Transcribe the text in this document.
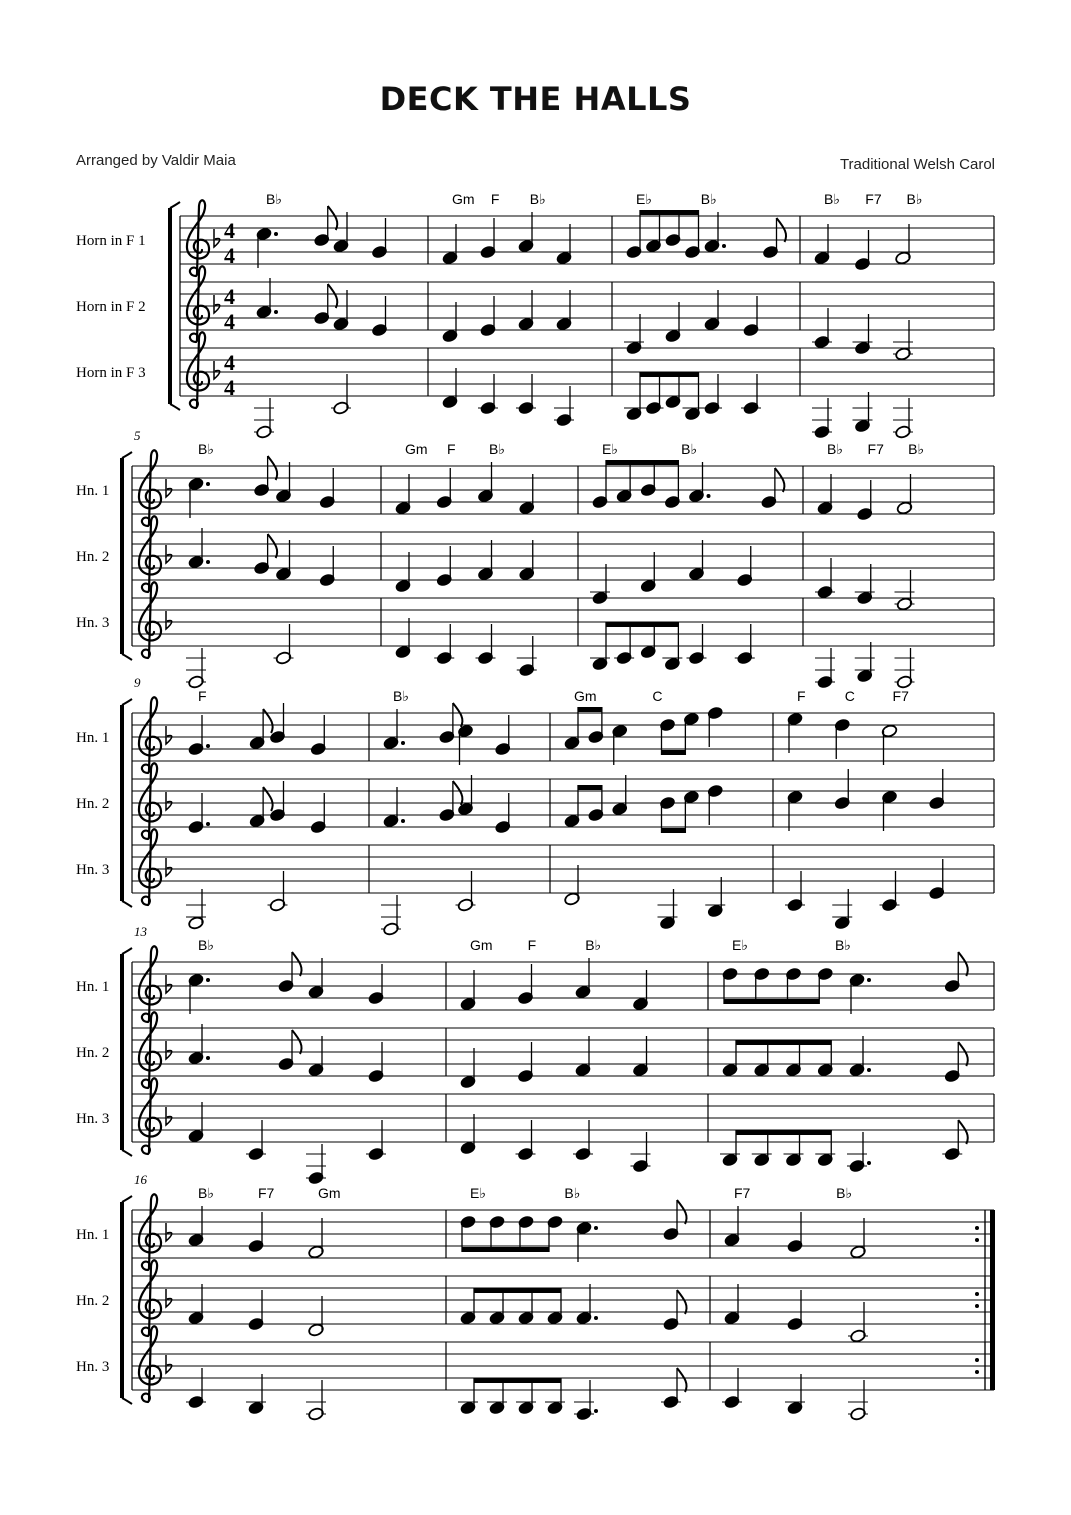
DECK THE HALLS
Arranged by Valdir Maia	Traditional Welsh Carol
Horn in F 1	4
4
Horn in F 2	4
4
Horn in F 3	4
4
B♭	Gm F B♭	E♭	B♭	B♭ F7 B♭
Hn. 1
Hn. 2
Hn. 3
5
B♭	Gm F B♭	E♭	B♭	B♭ F7 B♭
Hn. 1
Hn. 2
Hn. 3
9
F	B♭	Gm	C	F	C	F7
Hn. 1
Hn. 2
Hn. 3
13
B♭	Gm	F	B♭	E♭	B♭
Hn. 1
Hn. 2
Hn. 3
16
B♭	F7	Gm	E♭	B♭	F7	B♭
